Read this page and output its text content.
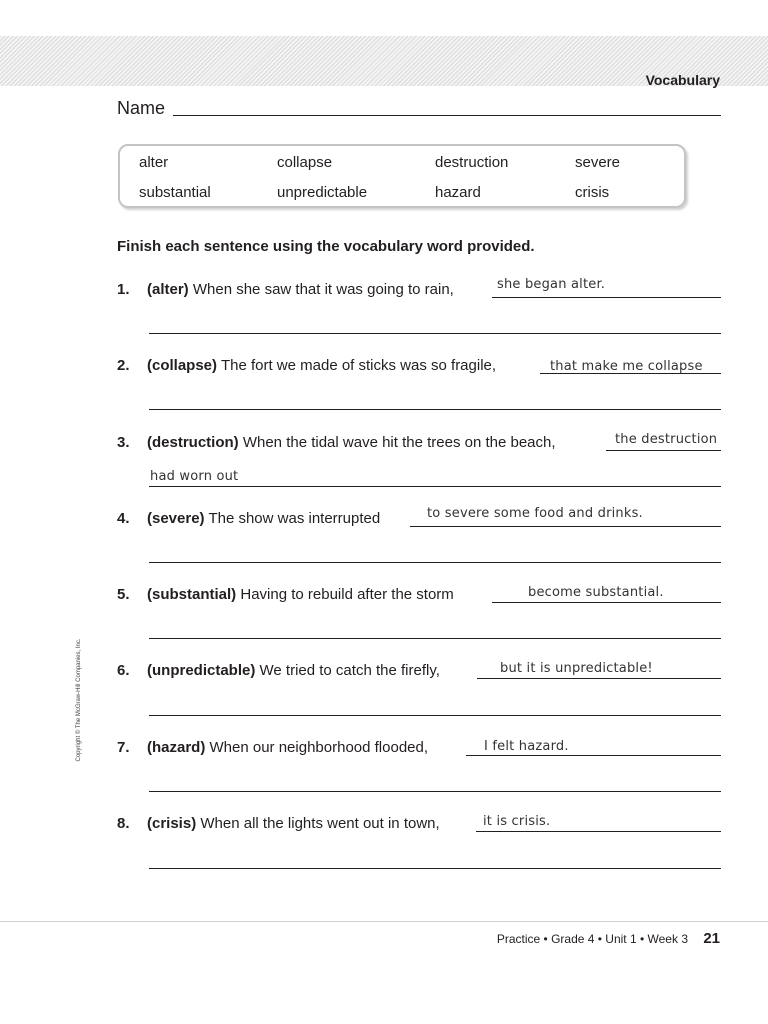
Vocabulary
Name
alter	collapse	destruction	severe
substantial	unpredictable	hazard	crisis
Finish each sentence using the vocabulary word provided.
1. (alter) When she saw that it was going to rain,	she began alter.
2. (collapse) The fort we made of sticks was so fragile,	that make me collapse
3. (destruction) When the tidal wave hit the trees on the beach,	the destruction
had worn out
4. (severe) The show was interrupted	to severe some food and drinks.
5. (substantial) Having to rebuild after the storm	become substantial.
6. (unpredictable) We tried to catch the firefly,	but it is unpredictable!
7. (hazard) When our neighborhood flooded,	I felt hazard.
8. (crisis) When all the lights went out in town,	it is crisis.
Copyright © The McGraw-Hill Companies, Inc.
Practice • Grade 4 • Unit 1 • Week 3 21
